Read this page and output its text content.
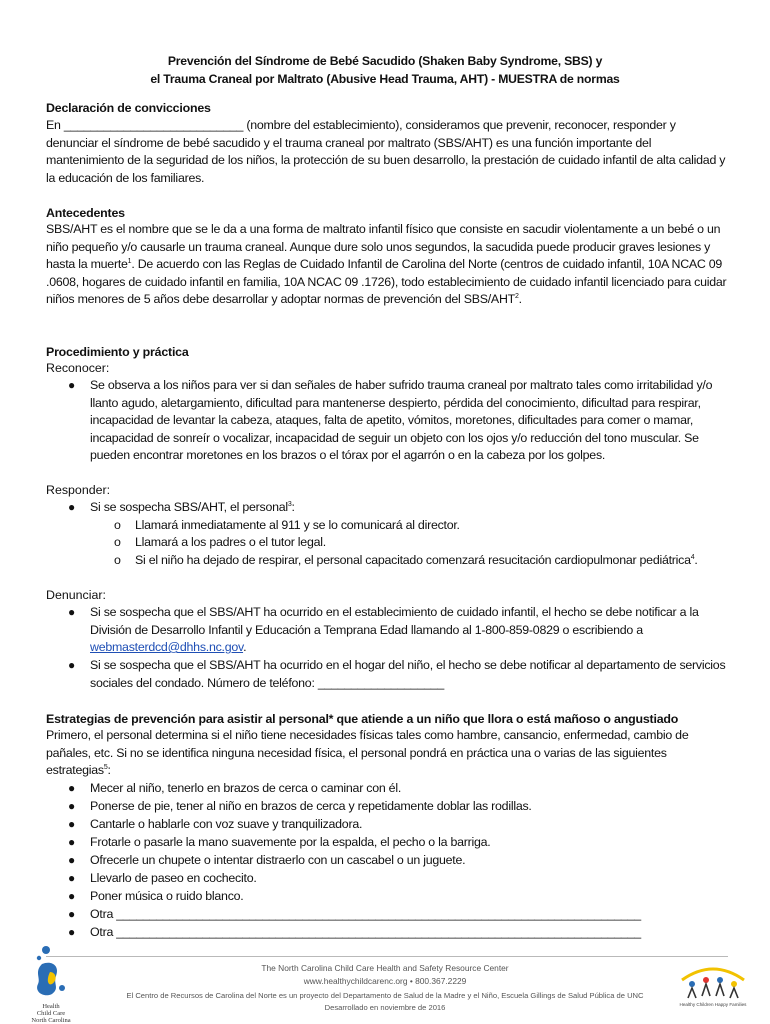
Prevención del Síndrome de Bebé Sacudido (Shaken Baby Syndrome, SBS) y
el Trauma Craneal por Maltrato (Abusive Head Trauma, AHT) - MUESTRA de normas
Declaración de convicciones

En ___________________________ (nombre del establecimiento), consideramos que prevenir, reconocer, responder y denunciar el síndrome de bebé sacudido y el trauma craneal por maltrato (SBS/AHT) es una función importante del mantenimiento de la seguridad de los niños, la protección de su buen desarrollo, la prestación de cuidado infantil de alta calidad y la educación de los familiares.

Antecedentes

SBS/AHT es el nombre que se le da a una forma de maltrato infantil físico que consiste en sacudir violentamente a un bebé o un niño pequeño y/o causarle un trauma craneal. Aunque dure solo unos segundos, la sacudida puede producir graves lesiones y hasta la muerte$^1$. De acuerdo con las Reglas de Cuidado Infantil de Carolina del Norte (centros de cuidado infantil, 10A NCAC 09 .0608, hogares de cuidado infantil en familia, 10A NCAC 09 .1726), todo establecimiento de cuidado infantil licenciado para cuidar niños menores de 5 años debe desarrollar y adoptar normas de prevención del SBS/AHT$^2$.

Procedimiento y práctica
Reconocer:
●	Se observa a los niños para ver si dan señales de haber sufrido trauma craneal por maltrato tales como irritabilidad y/o llanto agudo, aletargamiento, dificultad para mantenerse despierto, pérdida del conocimiento, dificultad para respirar, incapacidad de levantar la cabeza, ataques, falta de apetito, vómitos, moretones, dificultades para comer o mamar, incapacidad de sonreír o vocalizar, incapacidad de seguir un objeto con los ojos y/o reducción del tono muscular. Se pueden encontrar moretones en los brazos o el tórax por el agarrón o en la cabeza por los golpes.
Responder:
●	Si se sospecha SBS/AHT, el personal$^3$:
o Llamará inmediatamente al 911 y se lo comunicará al director.
o Llamará a los padres o el tutor legal.
o Si el niño ha dejado de respirar, el personal capacitado comenzará resucitación cardiopulmonar pediátrica$^4$.
Denunciar:
●	Si se sospecha que el SBS/AHT ha ocurrido en el establecimiento de cuidado infantil, el hecho se debe notificar a la División de Desarrollo Infantil y Educación a Temprana Edad llamando al 1-800-859-0829 o escribiendo a webmasterdcd@dhhs.nc.gov.
●	Si se sospecha que el SBS/AHT ha ocurrido en el hogar del niño, el hecho se debe notificar al departamento de servicios sociales del condado. Número de teléfono: ___________________
Estrategias de prevención para asistir al personal* que atiende a un niño que llora o está mañoso o angustiado

Primero, el personal determina si el niño tiene necesidades físicas tales como hambre, cansancio, enfermedad, cambio de pañales, etc. Si no se identifica ninguna necesidad física, el personal pondrá en práctica una o varias de las siguientes estrategias$^5$:

●	Mecer al niño, tenerlo en brazos de cerca o caminar con él.
●	Ponerse de pie, tener al niño en brazos de cerca y repetidamente doblar las rodillas.
●	Cantarle o hablarle con voz suave y tranquilizadora.
●	Frotarle o pasarle la mano suavemente por la espalda, el pecho o la barriga.
●	Ofrecerle un chupete o intentar distraerlo con un cascabel o un juguete.
●	Llevarlo de paseo en cochecito.
●	Poner música o ruido blanco.
●	Otra _______________________________________________________________________________
●	Otra _______________________________________________________________________________
Health
Child Care
North Carolina
The North Carolina Child Care Health and Safety Resource Center
www.healthychildcarenc.org • 800.367.2229
El Centro de Recursos de Carolina del Norte es un proyecto del Departamento de Salud de la Madre y el Niño, Escuela Gillings de Salud Pública de UNC
Desarrollado en noviembre de 2016	Healthy Children Happy Families
